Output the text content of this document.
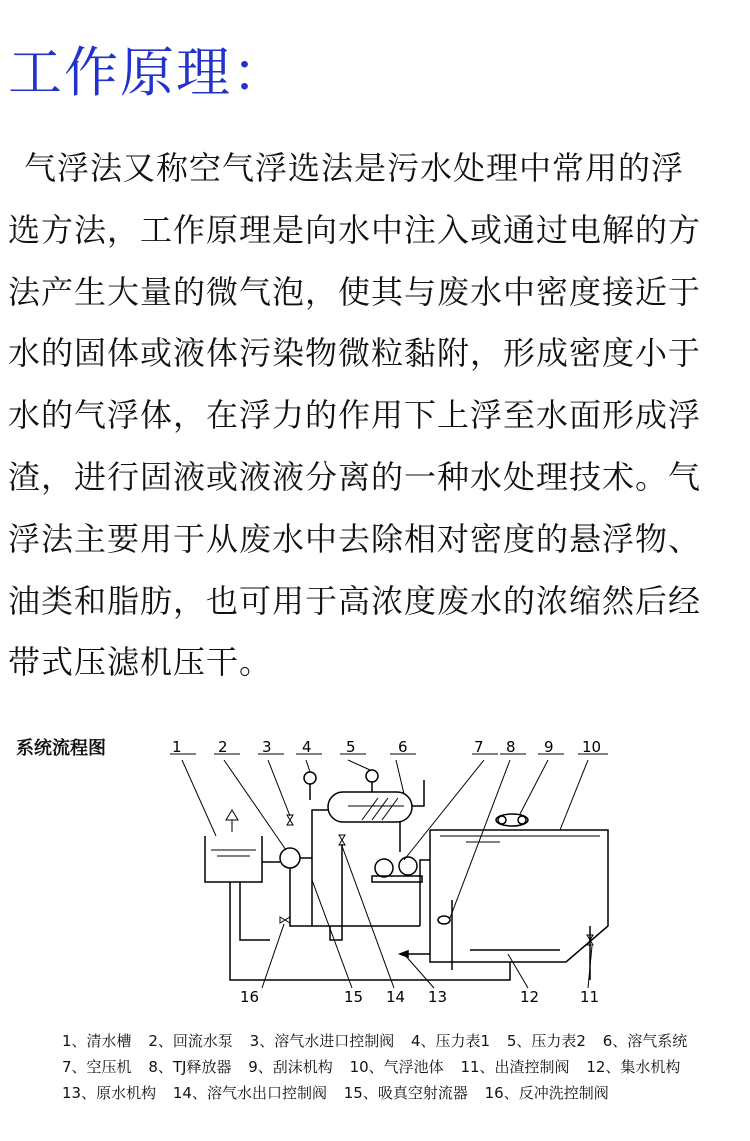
工作原理：
气浮法又称空气浮选法是污水处理中常用的浮
选方法，工作原理是向水中注入或通过电解的方
法产生大量的微气泡，使其与废水中密度接近于
水的固体或液体污染物微粒黏附，形成密度小于
水的气浮体，在浮力的作用下上浮至水面形成浮
渣，进行固液或液液分离的一种水处理技术。气
浮法主要用于从废水中去除相对密度的悬浮物、
油类和脂肪，也可用于高浓度废水的浓缩然后经
带式压滤机压干。
系统流程图	1 2 3 4 5	6	7 8 9 10
11
12
13
14
15
16
1、清水槽 2、回流水泵 3、溶气水进口控制阀 4、压力表1 5、压力表2 6、溶气系统
7、空压机 8、TJ释放器 9、刮沫机构 10、气浮池体 11、出渣控制阀 12、集水机构
13、原水机构 14、溶气水出口控制阀 15、吸真空射流器 16、反冲洗控制阀
